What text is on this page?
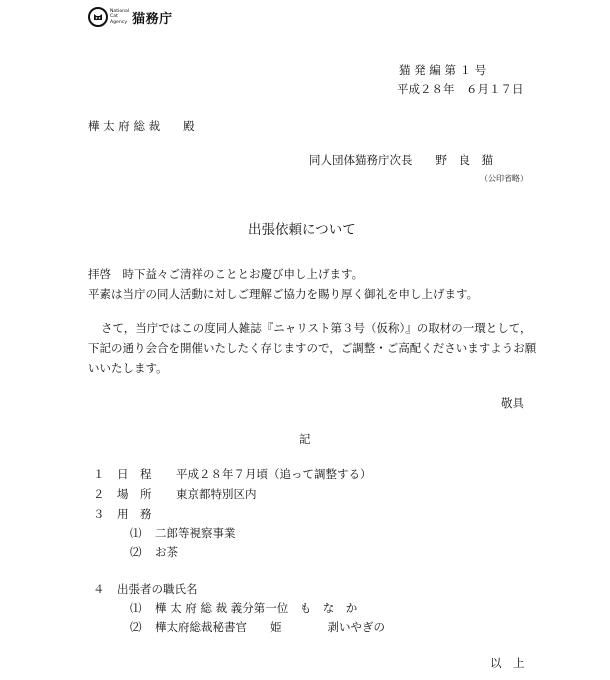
National
Cat
Agency 猫務庁
猫 発 編 第 １ 号
平成２８年　６月１７日
樺 太 府 総 裁　　殿
同人団体猫務庁次長　　野　良　猫
（公印省略）
出張依頼について
拝啓　時下益々ご清祥のこととお慶び申し上げます。
平素は当庁の同人活動に対しご理解ご協力を賜り厚く御礼を申し上げます。
さて，当庁ではこの度同人雑誌『ニャリスト第３号（仮称）』の取材の一環として，
下記の通り会合を開催いたしたく存じますので，ご調整・ご高配くださいますようお願
いいたします。
敬具
記
１ 日　程 平成２８年７月頃（追って調整する）
２ 場　所 東京都特別区内
３ 用　務
⑴ 二郎等視察事業
⑵ お茶
４ 出張者の職氏名
⑴ 樺 太 府 総 裁 義分第一位　も　な　か
⑵ 樺太府総裁秘書官　　姫　　　　剥いやぎの
以　上
